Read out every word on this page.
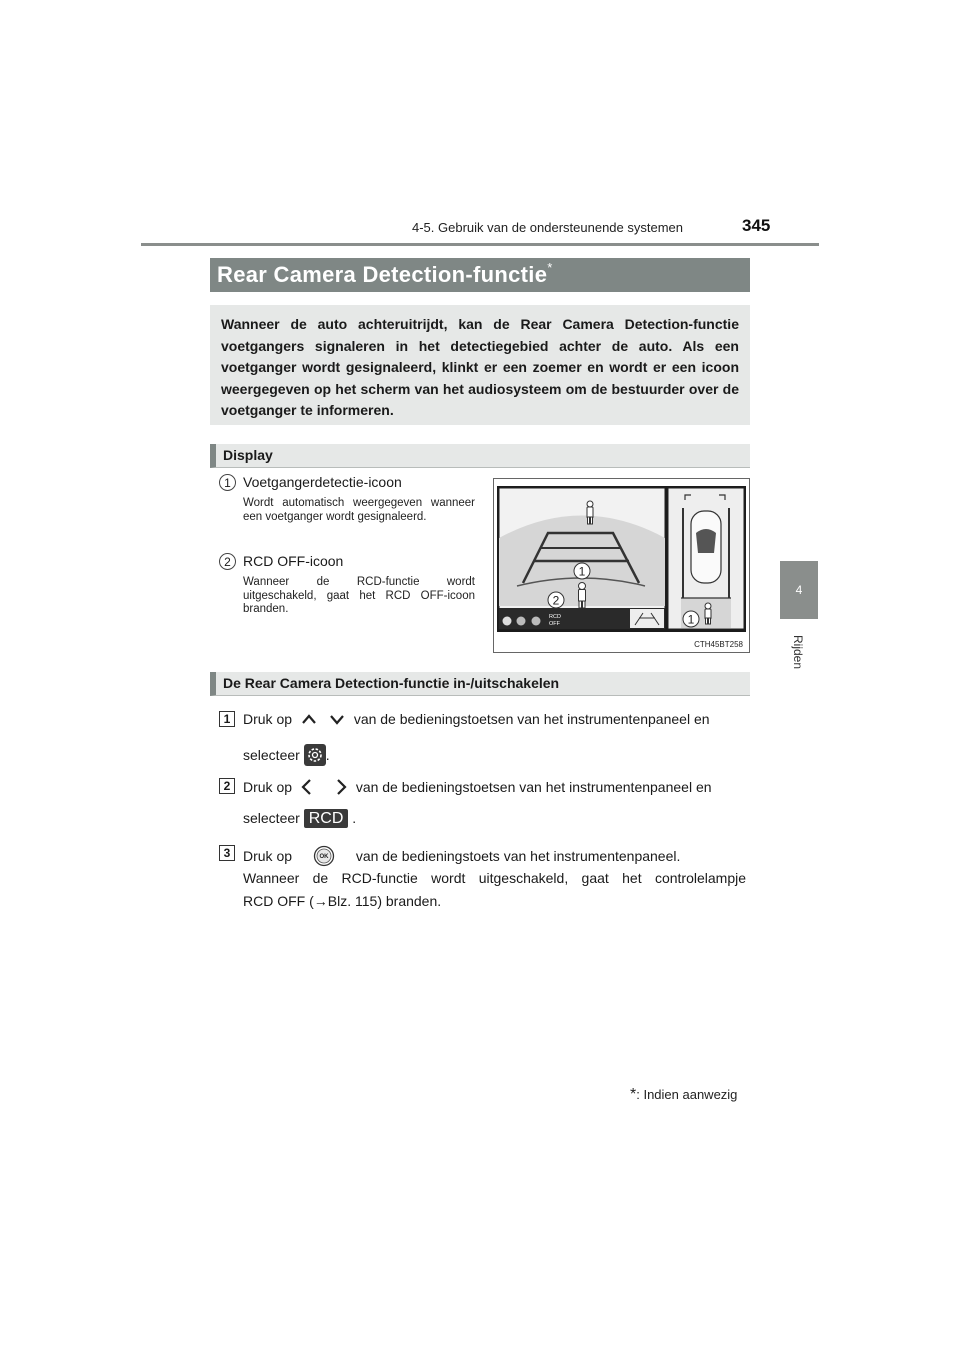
4-5. Gebruik van de ondersteunende systemen	345
4
Rijden
Rear Camera Detection-functie*
Wanneer de auto achteruitrijdt, kan de Rear Camera Detection-functie voetgangers signaleren in het detectiegebied achter de auto. Als een voetganger wordt gesignaleerd, klinkt er een zoemer en wordt er een icoon weergegeven op het scherm van het audiosysteem om de bestuurder over de voetganger te informeren.
Display
1 Voetgangerdetectie-icoon
Wordt automatisch weergegeven wanneer een voetganger wordt gesignaleerd.
2 RCD OFF-icoon
Wanneer de RCD-functie wordt uitgeschakeld, gaat het RCD OFF-icoon branden.
RCD
OFF
1
2
1
CTH45BT258
De Rear Camera Detection-functie in-/uitschakelen
1 Druk op	van de bedieningstoetsen van het instrumentenpaneel en
selecteer .
2 Druk op	van de bedieningstoetsen van het instrumentenpaneel en
selecteer RCD .
3 Druk op	OK van de bedieningstoets van het instrumentenpaneel.
Wanneer de RCD-functie wordt uitgeschakeld, gaat het controlelampje
RCD OFF (→Blz. 115) branden.
*: Indien aanwezig
